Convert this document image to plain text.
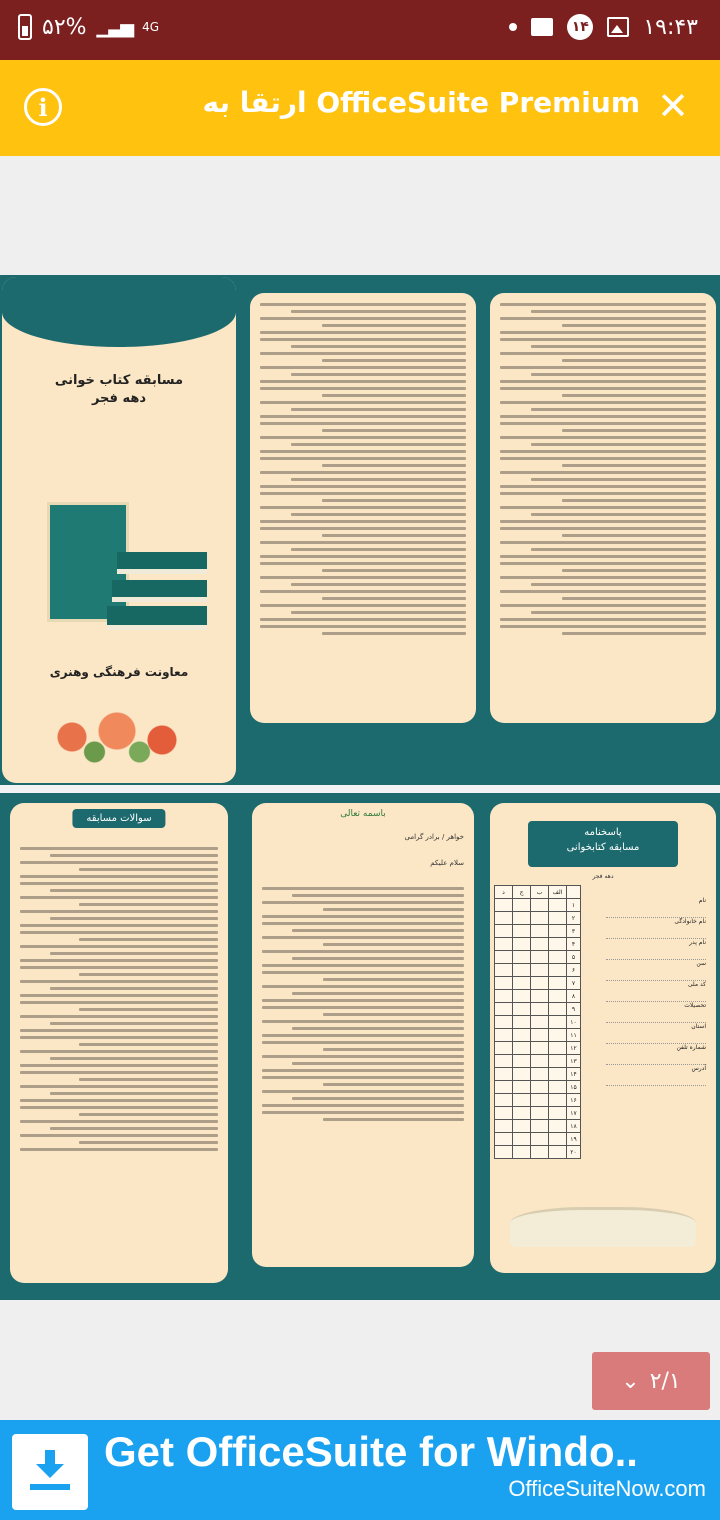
۵۲% ▁▃▅ 4G	۱۴ ۱۹:۴۳
i	ارتقا به OfficeSuite Premium ✕
مسابقه کتاب خوانی
دهه فجر
معاونت فرهنگی وهنری
سوالات مسابقه	باسمه تعالی
خواهر / برادر گرامی
سلام علیکم
پاسخنامه
مسابقه کتابخوانی
دهه فجر
د	ج	ب	الف	
				۱
				۲
				۳
				۴
				۵
				۶
				۷
				۸
				۹
				۱۰
				۱۱
				۱۲
				۱۳
				۱۴
				۱۵
				۱۶
				۱۷
				۱۸
				۱۹
				۲۰
نام
نام خانوادگی
نام پدر
سن
کد ملی
تحصیلات
استان
شماره تلفن
آدرس
⌄ ۲/۱
Get OfficeSuite for Windo..
OfficeSuiteNow.com
